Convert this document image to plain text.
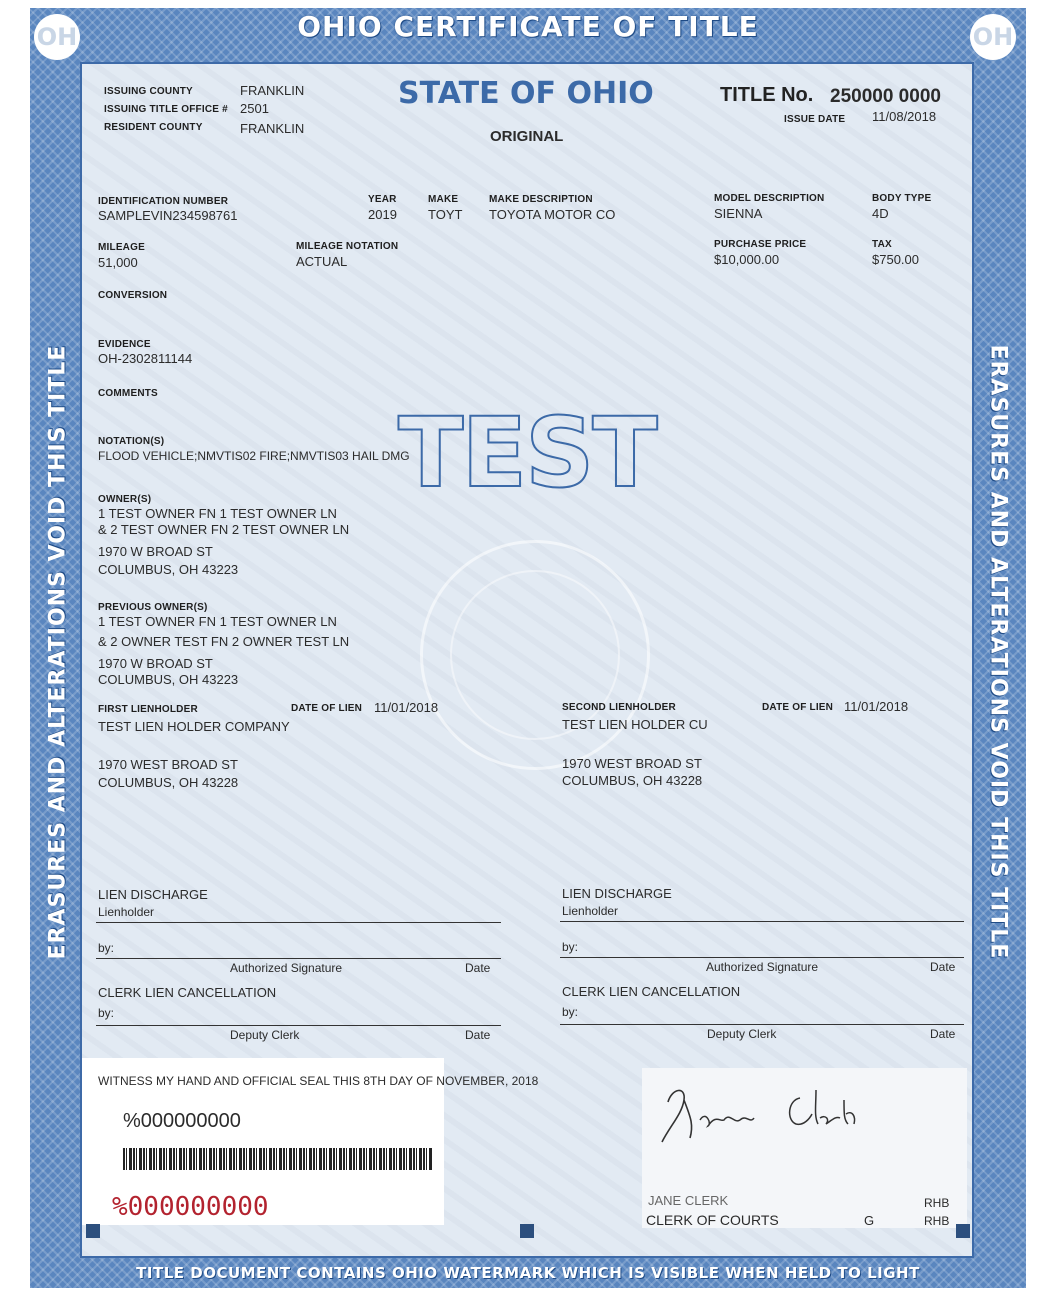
OH	OH
OHIO CERTIFICATE OF TITLE
ERASURES AND ALTERATIONS VOID THIS TITLE	ERASURES AND ALTERATIONS VOID THIS TITLE
TITLE DOCUMENT CONTAINS OHIO WATERMARK WHICH IS VISIBLE WHEN HELD TO LIGHT
ISSUING COUNTY	FRANKLIN
ISSUING TITLE OFFICE # 2501
RESIDENT COUNTY	FRANKLIN
STATE OF OHIO
ORIGINAL
TITLE No. 250000 0000
ISSUE DATE 11/08/2018
IDENTIFICATION NUMBER
SAMPLEVIN234598761
YEAR
2019
MAKE
TOYT
MAKE DESCRIPTION
TOYOTA MOTOR CO
MODEL DESCRIPTION
SIENNA
BODY TYPE
4D
MILEAGE
51,000
MILEAGE NOTATION
ACTUAL
PURCHASE PRICE
$10,000.00
TAX
$750.00
CONVERSION
EVIDENCE
OH-2302811144
COMMENTS
NOTATION(S)
FLOOD VEHICLE;NMVTIS02 FIRE;NMVTIS03 HAIL DMG
TEST
OWNER(S)
1 TEST OWNER FN 1 TEST OWNER LN
& 2 TEST OWNER FN 2 TEST OWNER LN
1970 W BROAD ST
COLUMBUS, OH 43223
PREVIOUS OWNER(S)
1 TEST OWNER FN 1 TEST OWNER LN
& 2 OWNER TEST FN 2 OWNER TEST LN
1970 W BROAD ST
COLUMBUS, OH 43223
FIRST LIENHOLDER	DATE OF LIEN 11/01/2018
TEST LIEN HOLDER COMPANY
1970 WEST BROAD ST
COLUMBUS, OH 43228
SECOND LIENHOLDER	DATE OF LIEN 11/01/2018
TEST LIEN HOLDER CU
1970 WEST BROAD ST
COLUMBUS, OH 43228
LIEN DISCHARGE
Lienholder
by:
Authorized Signature	Date
CLERK LIEN CANCELLATION
by:
Deputy Clerk	Date
LIEN DISCHARGE
Lienholder
by:
Authorized Signature	Date
CLERK LIEN CANCELLATION
by:
Deputy Clerk	Date
WITNESS MY HAND AND OFFICIAL SEAL THIS 8TH DAY OF NOVEMBER, 2018
%000000000
%000000000	JANE CLERK
CLERK OF COURTS	G
RHB
RHB
